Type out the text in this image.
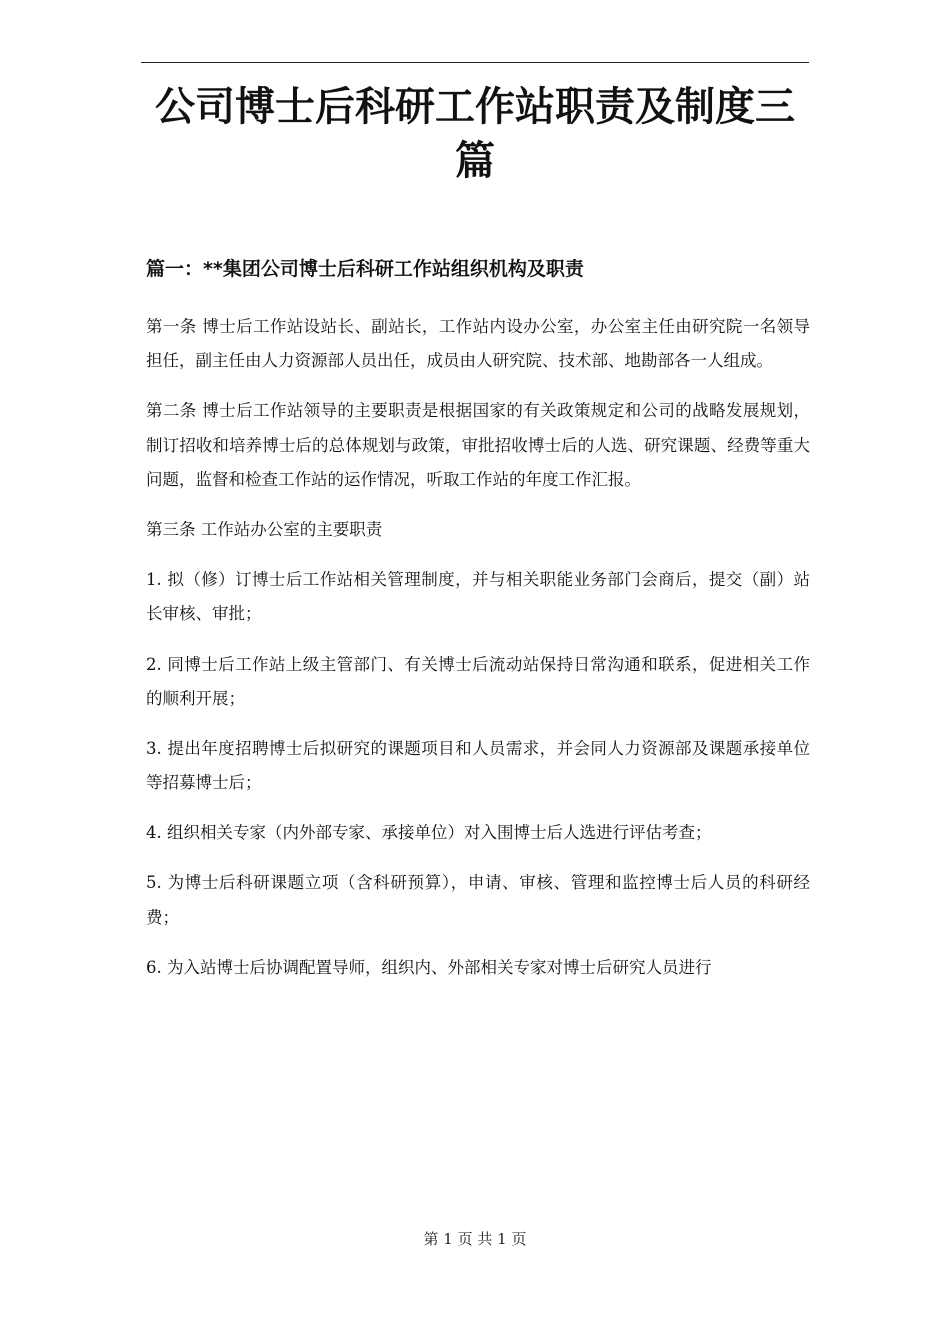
公司博士后科研工作站职责及制度三篇
篇一：**集团公司博士后科研工作站组织机构及职责

第一条 博士后工作站设站长、副站长，工作站内设办公室，办公室主任由研究院一名领导担任，副主任由人力资源部人员出任，成员由人研究院、技术部、地勘部各一人组成。

第二条 博士后工作站领导的主要职责是根据国家的有关政策规定和公司的战略发展规划，制订招收和培养博士后的总体规划与政策，审批招收博士后的人选、研究课题、经费等重大问题，监督和检查工作站的运作情况，听取工作站的年度工作汇报。

第三条 工作站办公室的主要职责

1. 拟（修）订博士后工作站相关管理制度，并与相关职能业务部门会商后，提交（副）站长审核、审批；

2. 同博士后工作站上级主管部门、有关博士后流动站保持日常沟通和联系，促进相关工作的顺利开展；

3. 提出年度招聘博士后拟研究的课题项目和人员需求，并会同人力资源部及课题承接单位等招募博士后；

4. 组织相关专家（内外部专家、承接单位）对入围博士后人选进行评估考查；

5. 为博士后科研课题立项（含科研预算），申请、审核、管理和监控博士后人员的科研经费；

6. 为入站博士后协调配置导师，组织内、外部相关专家对博士后研究人员进行

第 1 页 共 1 页
